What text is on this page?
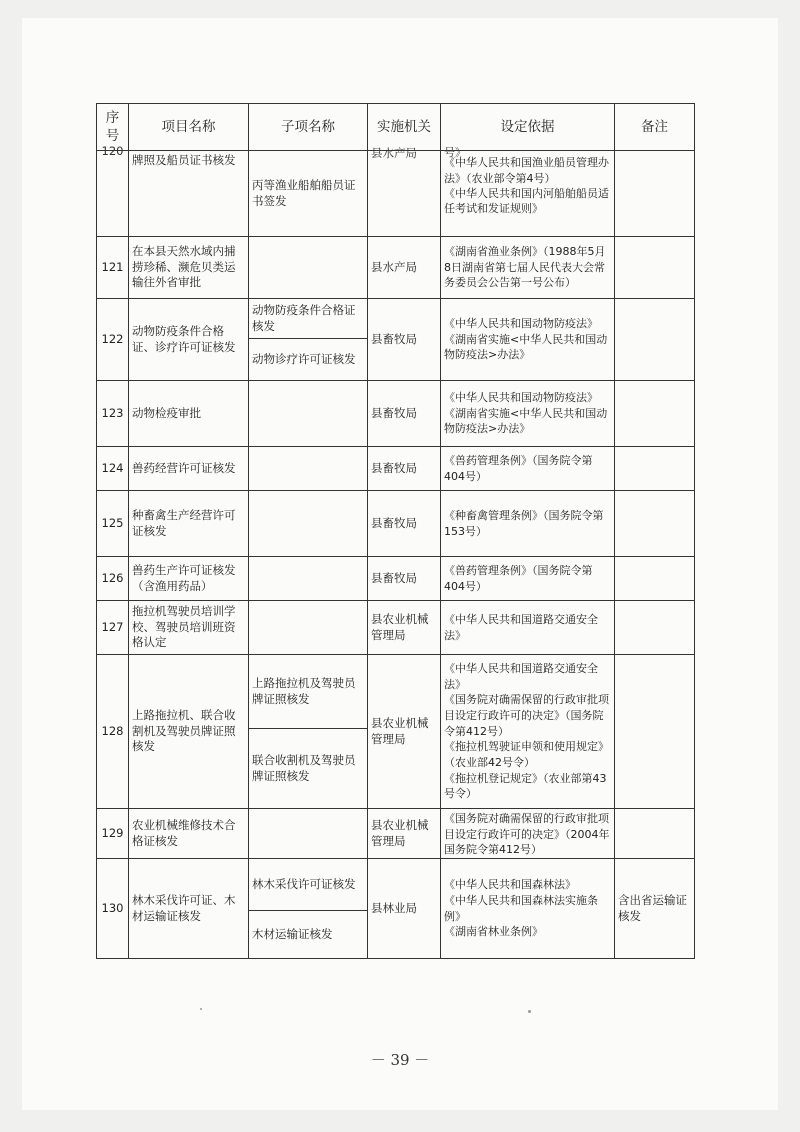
序号	项目名称	子项名称	实施机关	设定依据	备注

120	牌照及船员证书核发	丙等渔业船舶船员证书签发	县水产局	号》
《中华人民共和国渔业船员管理办法》（农业部令第4号）
《中华人民共和国内河船舶船员适任考试和发证规则》	

121	在本县天然水域内捕捞珍稀、濒危贝类运输往外省审批		县水产局	《湖南省渔业条例》（1988年5月8日湖南省第七届人民代表大会常务委员会公告第一号公布）	
122	动物防疫条件合格证、诊疗许可证核发	动物防疫条件合格证核发	县畜牧局	《中华人民共和国动物防疫法》
《湖南省实施<中华人民共和国动物防疫法>办法》	

		动物诊疗许可证核发			
123	动物检疫审批		县畜牧局	《中华人民共和国动物防疫法》
《湖南省实施<中华人民共和国动物防疫法>办法》	

124	兽药经营许可证核发		县畜牧局	《兽药管理条例》（国务院令第404号）	
125	种畜禽生产经营许可证核发		县畜牧局	《种畜禽管理条例》（国务院令第153号）	
126	兽药生产许可证核发（含渔用药品）		县畜牧局	《兽药管理条例》（国务院令第404号）	
127	拖拉机驾驶员培训学校、驾驶员培训班资格认定		县农业机械管理局	《中华人民共和国道路交通安全法》	
128	上路拖拉机、联合收割机及驾驶员牌证照核发	上路拖拉机及驾驶员牌证照核发	县农业机械管理局	《中华人民共和国道路交通安全法》
《国务院对确需保留的行政审批项目设定行政许可的决定》（国务院令第412号）
《拖拉机驾驶证申领和使用规定》（农业部42号令）
《拖拉机登记规定》（农业部第43号令）	

		联合收割机及驾驶员牌证照核发			
129	农业机械维修技术合格证核发		县农业机械管理局	《国务院对确需保留的行政审批项目设定行政许可的决定》（2004年国务院令第412号）	

130	林木采伐许可证、木材运输证核发	林木采伐许可证核发	县林业局	《中华人民共和国森林法》
《中华人民共和国森林法实施条例》
《湖南省林业条例》	含出省运输证核发
		木材运输证核发			
－ 39 －
